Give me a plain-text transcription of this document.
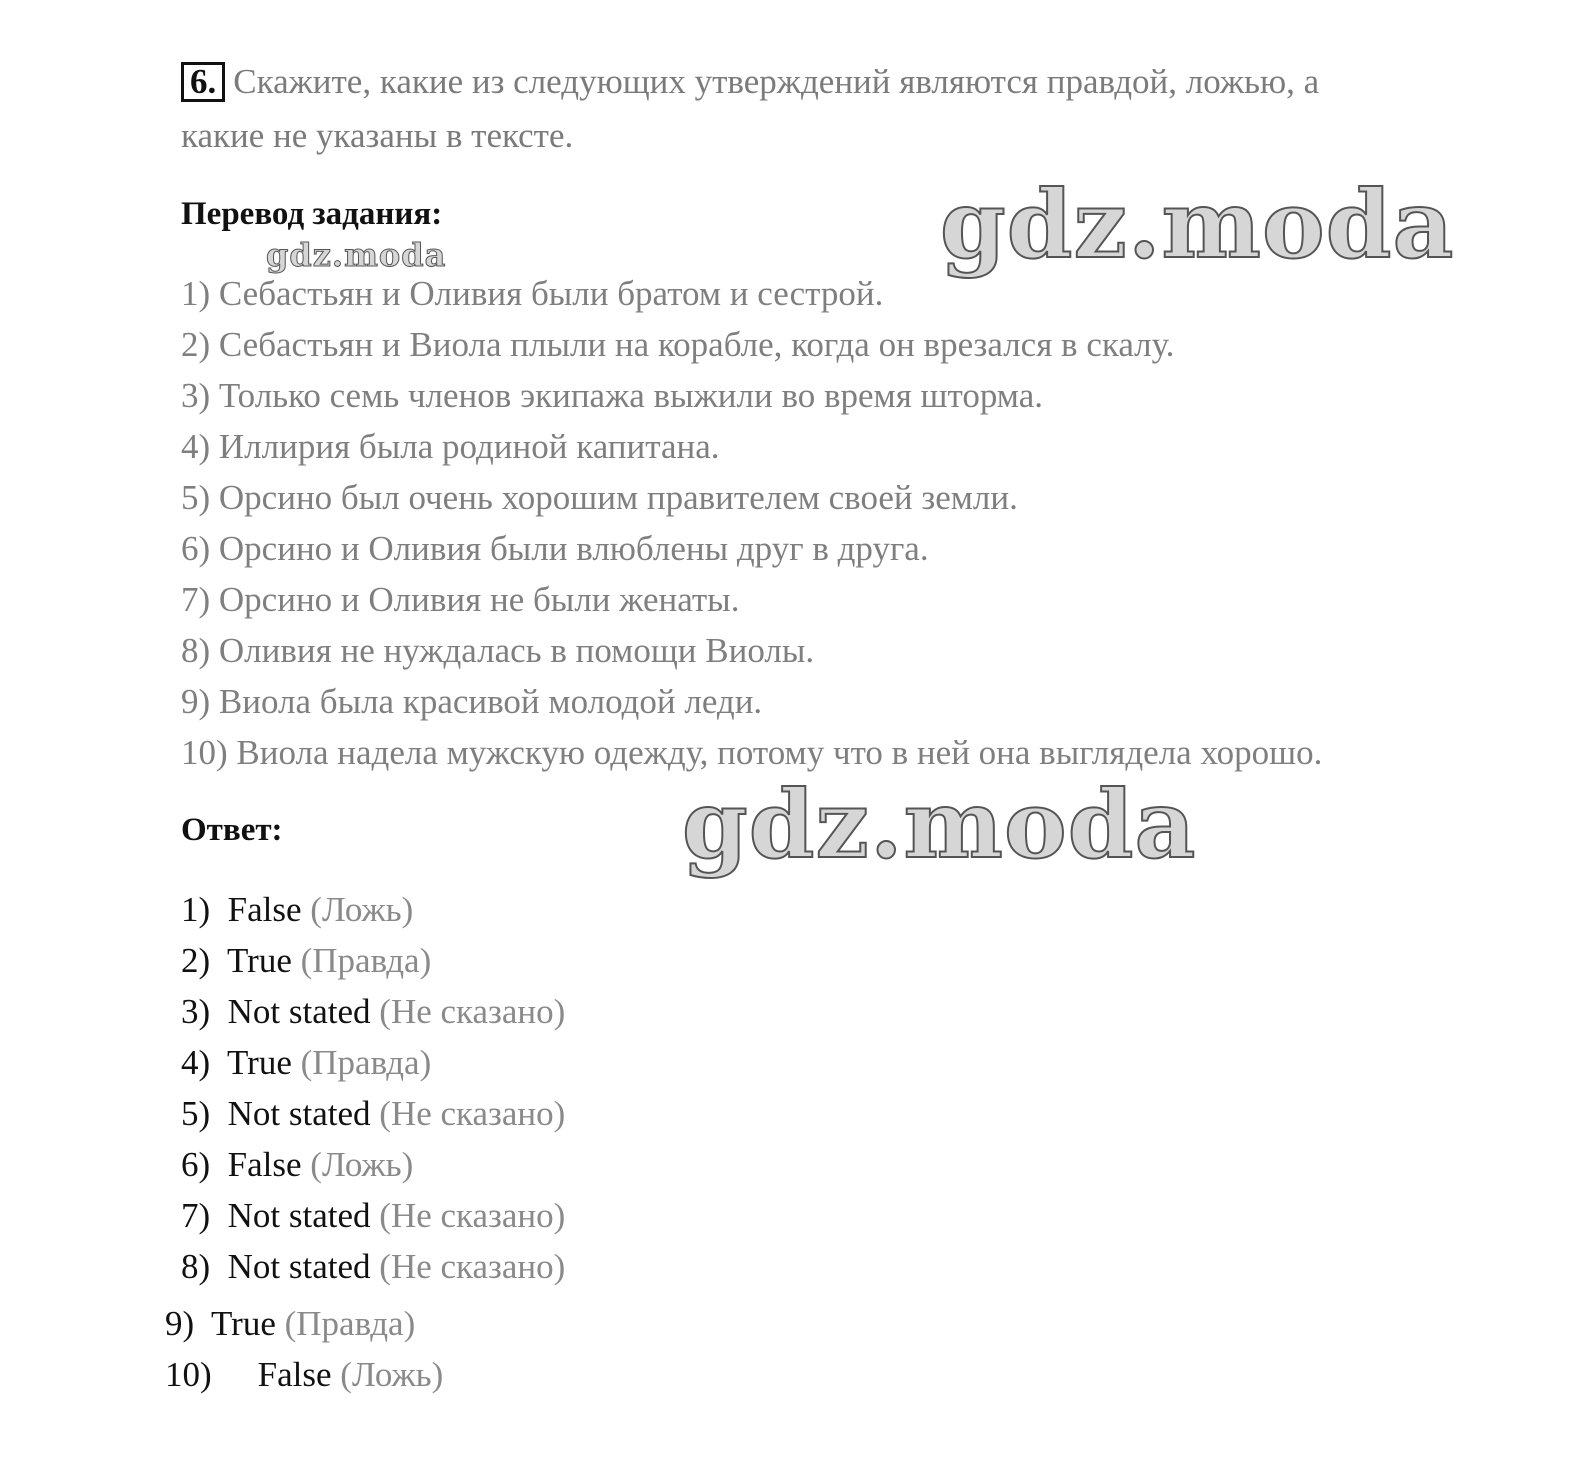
6. Скажите, какие из следующих утверждений являются правдой, ложью, а
какие не указаны в тексте.
Перевод задания:	gdz.moda
gdz.moda
gdz.moda
1) Себастьян и Оливия были братом и сестрой.
2) Себастьян и Виола плыли на корабле, когда он врезался в скалу.
3) Только семь членов экипажа выжили во время шторма.
4) Иллирия была родиной капитана.
5) Орсино был очень хорошим правителем своей земли.
6) Орсино и Оливия были влюблены друг в друга.
7) Орсино и Оливия не были женаты.
8) Оливия не нуждалась в помощи Виолы.
9) Виола была красивой молодой леди.
10) Виола надела мужскую одежду, потому что в ней она выглядела хорошо.
Ответ:
1) False (Ложь)
2) True (Правда)
3) Not stated (Не сказано)
4) True (Правда)
5) Not stated (Не сказано)
6) False (Ложь)
7) Not stated (Не сказано)
8) Not stated (Не сказано)
9) True (Правда)
10) False (Ложь)
